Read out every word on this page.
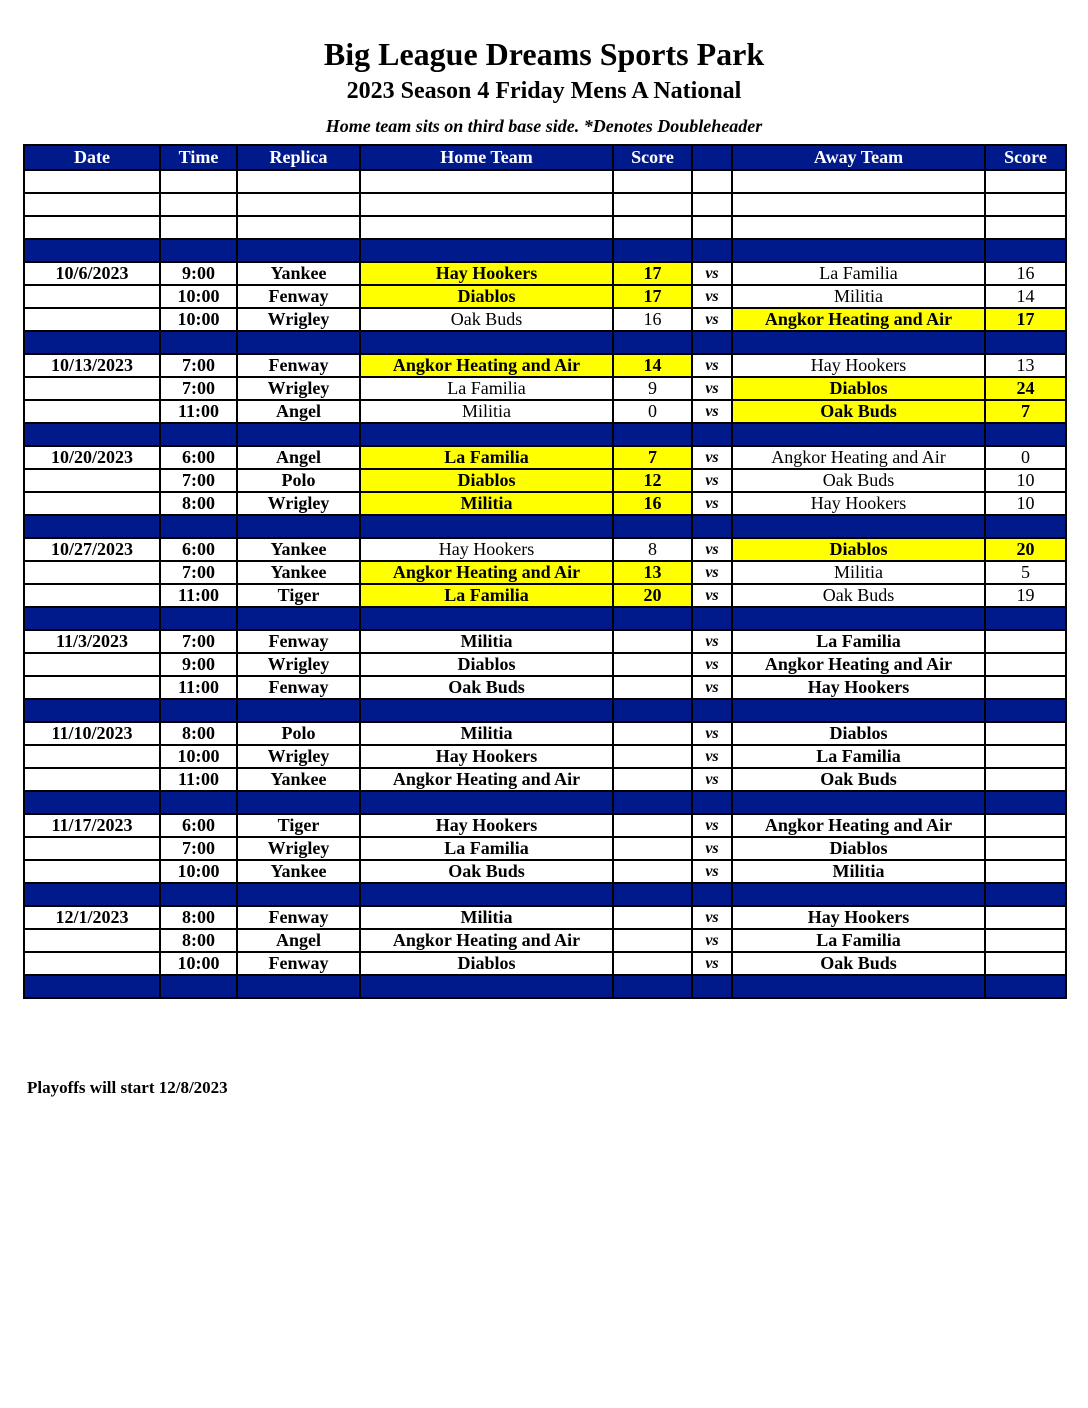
Big League Dreams Sports Park
2023 Season 4 Friday Mens A National
Home team sits on third base side. *Denotes Doubleheader
Date	Time	Replica	Home Team	Score		Away Team	Score

10/6/2023	9:00	Yankee	Hay Hookers	17	vs	La Familia	16
	10:00	Fenway	Diablos	17	vs	Militia	14
	10:00	Wrigley	Oak Buds	16	vs	Angkor Heating and Air	17

10/13/2023	7:00	Fenway	Angkor Heating and Air	14	vs	Hay Hookers	13
	7:00	Wrigley	La Familia	9	vs	Diablos	24
	11:00	Angel	Militia	0	vs	Oak Buds	7

10/20/2023	6:00	Angel	La Familia	7	vs	Angkor Heating and Air	0
	7:00	Polo	Diablos	12	vs	Oak Buds	10
	8:00	Wrigley	Militia	16	vs	Hay Hookers	10

10/27/2023	6:00	Yankee	Hay Hookers	8	vs	Diablos	20
	7:00	Yankee	Angkor Heating and Air	13	vs	Militia	5
	11:00	Tiger	La Familia	20	vs	Oak Buds	19

11/3/2023	7:00	Fenway	Militia		vs	La Familia	
	9:00	Wrigley	Diablos		vs	Angkor Heating and Air	
	11:00	Fenway	Oak Buds		vs	Hay Hookers	

11/10/2023	8:00	Polo	Militia		vs	Diablos	
	10:00	Wrigley	Hay Hookers		vs	La Familia	
	11:00	Yankee	Angkor Heating and Air		vs	Oak Buds	

11/17/2023	6:00	Tiger	Hay Hookers		vs	Angkor Heating and Air	
	7:00	Wrigley	La Familia		vs	Diablos	
	10:00	Yankee	Oak Buds		vs	Militia	

12/1/2023	8:00	Fenway	Militia		vs	Hay Hookers	
	8:00	Angel	Angkor Heating and Air		vs	La Familia	
	10:00	Fenway	Diablos		vs	Oak Buds	

Playoffs will start 12/8/2023
